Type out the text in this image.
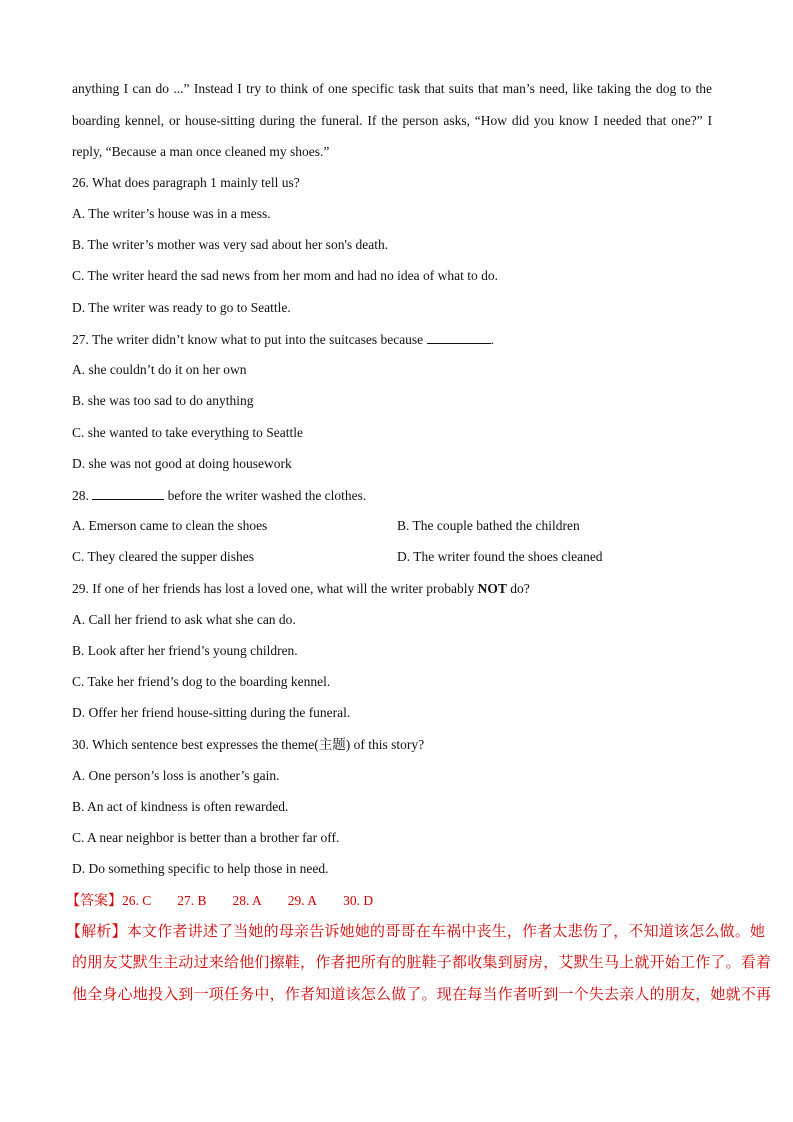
anything I can do ...” Instead I try to think of one specific task that suits that man’s need, like taking the dog to the
boarding kennel, or house-sitting during the funeral. If the person asks, “How did you know I needed that one?” I
reply, “Because a man once cleaned my shoes.”
26. What does paragraph 1 mainly tell us?
A. The writer’s house was in a mess.
B. The writer’s mother was very sad about her son's death.
C. The writer heard the sad news from her mom and had no idea of what to do.
D. The writer was ready to go to Seattle.
27. The writer didn’t know what to put into the suitcases because	.
A. she couldn’t do it on her own
B. she was too sad to do anything
C. she wanted to take everything to Seattle
D. she was not good at doing housework
28.	before the writer washed the clothes.
A. Emerson came to clean the shoes	B. The couple bathed the children
C. They cleared the supper dishes	D. The writer found the shoes cleaned
29. If one of her friends has lost a loved one, what will the writer probably NOT do?
A. Call her friend to ask what she can do.
B. Look after her friend’s young children.
C. Take her friend’s dog to the boarding kennel.
D. Offer her friend house-sitting during the funeral.
30. Which sentence best expresses the theme(主题) of this story?
A. One person’s loss is another’s gain.
B. An act of kindness is often rewarded.
C. A near neighbor is better than a brother far off.
D. Do something specific to help those in need.
【答案】26. C 27. B 28. A 29. A 30. D
【解析】本文作者讲述了当她的母亲告诉她她的哥哥在车祸中丧生，作者太悲伤了，不知道该怎么做。她
的朋友艾默生主动过来给他们擦鞋，作者把所有的脏鞋子都收集到厨房，艾默生马上就开始工作了。看着
他全身心地投入到一项任务中，作者知道该怎么做了。现在每当作者听到一个失去亲人的朋友，她就不再
